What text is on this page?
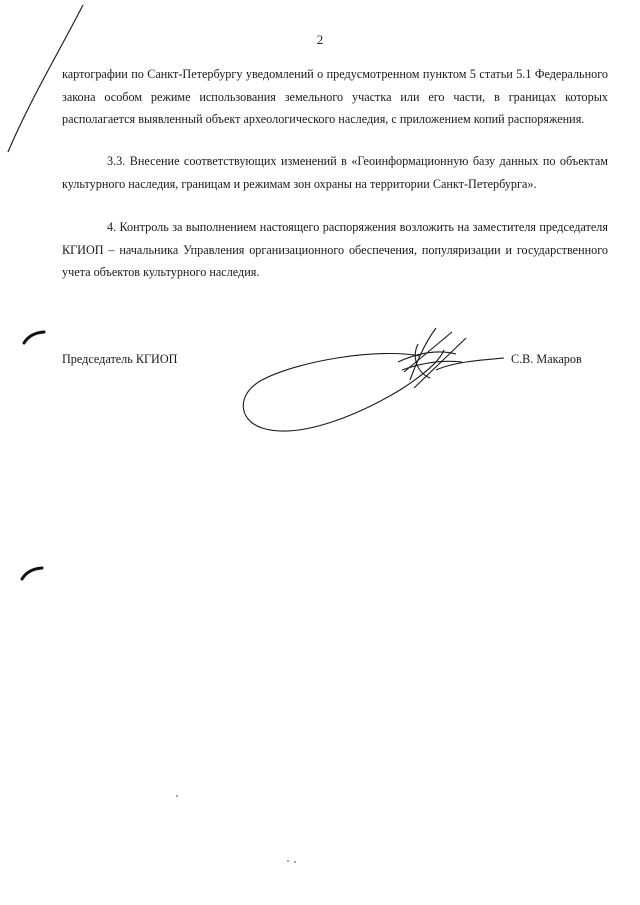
2

картографии по Санкт-Петербургу уведомлений о предусмотренном пунктом 5 статьи 5.1 Федерального закона особом режиме использования земельного участка или его части, в границах которых располагается выявленный объект археологического наследия, с приложением копий распоряжения.

3.3. Внесение соответствующих изменений в «Геоинформационную базу данных по объектам культурного наследия, границам и режимам зон охраны на территории Санкт-Петербурга».

4. Контроль за выполнением настоящего распоряжения возложить на заместителя председателя КГИОП – начальника Управления организационного обеспечения, популяризации и государственного учета объектов культурного наследия.

Председатель КГИОП	С.В. Макаров
